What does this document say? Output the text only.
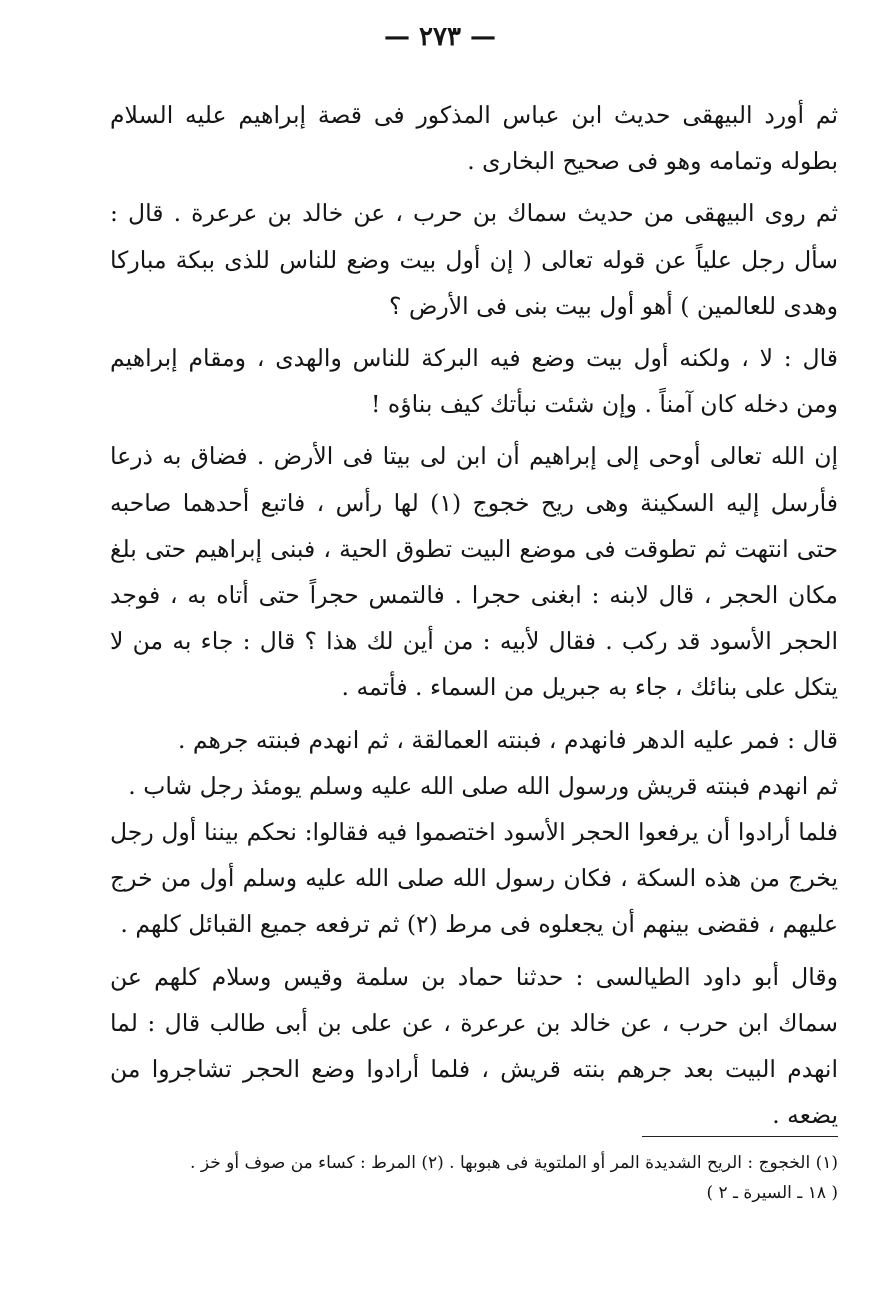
— ٢٧٣ —

ثم أورد البيهقى حديث ابن عباس المذكور فى قصة إبراهيم عليه السلام بطوله وتمامه وهو فى صحيح البخارى .

ثم روى البيهقى من حديث سماك بن حرب ، عن خالد بن عرعرة . قال : سأل رجل علياً عن قوله تعالى ( إن أول بيت وضع للناس للذى ببكة مباركا وهدى للعالمين ) أهو أول بيت بنى فى الأرض ؟

قال : لا ، ولكنه أول بيت وضع فيه البركة للناس والهدى ، ومقام إبراهيم ومن دخله كان آمناً . وإن شئت نبأتك كيف بناؤه !

إن الله تعالى أوحى إلى إبراهيم أن ابن لى بيتا فى الأرض . فضاق به ذرعا فأرسل إليه السكينة وهى ريح خجوج (١) لها رأس ، فاتبع أحدهما صاحبه حتى انتهت ثم تطوقت فى موضع البيت تطوق الحية ، فبنى إبراهيم حتى بلغ مكان الحجر ، قال لابنه : ابغنى حجرا . فالتمس حجراً حتى أتاه به ، فوجد الحجر الأسود قد ركب . فقال لأبيه : من أين لك هذا ؟ قال : جاء به من لا يتكل على بنائك ، جاء به جبريل من السماء . فأتمه .

قال : فمر عليه الدهر فانهدم ، فبنته العمالقة ، ثم انهدم فبنته جرهم .

ثم انهدم فبنته قريش ورسول الله صلى الله عليه وسلم يومئذ رجل شاب .

فلما أرادوا أن يرفعوا الحجر الأسود اختصموا فيه فقالوا: نحكم بيننا أول رجل يخرج من هذه السكة ، فكان رسول الله صلى الله عليه وسلم أول من خرج عليهم ، فقضى بينهم أن يجعلوه فى مرط (٢) ثم ترفعه جميع القبائل كلهم .

وقال أبو داود الطيالسى : حدثنا حماد بن سلمة وقيس وسلام كلهم عن سماك ابن حرب ، عن خالد بن عرعرة ، عن على بن أبى طالب قال : لما انهدم البيت بعد جرهم بنته قريش ، فلما أرادوا وضع الحجر تشاجروا من يضعه .

(١) الخجوج : الريح الشديدة المر أو الملتوية فى هبوبها . (٢) المرط : كساء من صوف أو خز .

( ١٨ ـ السيرة ـ ٢ )
